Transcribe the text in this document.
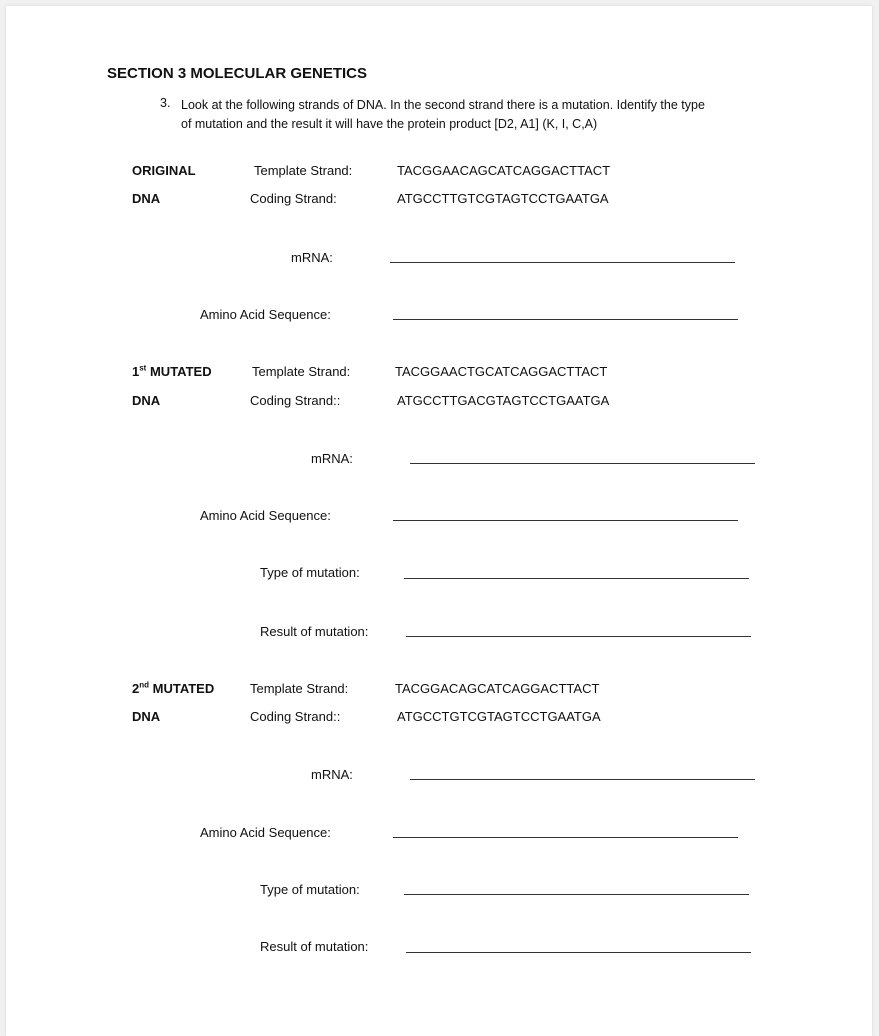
SECTION 3 MOLECULAR GENETICS
3. Look at the following strands of DNA. In the second strand there is a mutation. Identify the type
of mutation and the result it will have the protein product [D2, A1] (K, I, C,A)
ORIGINAL
DNA
Template Strand:	TACGGAACAGCATCAGGACTTACT
Coding Strand:	ATGCCTTGTCGTAGTCCTGAATGA
mRNA:
Amino Acid Sequence:
1st MUTATED
DNA
Template Strand:	TACGGAACTGCATCAGGACTTACT
Coding Strand::	ATGCCTTGACGTAGTCCTGAATGA
mRNA:
Amino Acid Sequence:
Type of mutation:
Result of mutation:
2nd MUTATED
DNA
Template Strand:	TACGGACAGCATCAGGACTTACT
Coding Strand::	ATGCCTGTCGTAGTCCTGAATGA
mRNA:
Amino Acid Sequence:
Type of mutation:
Result of mutation:
